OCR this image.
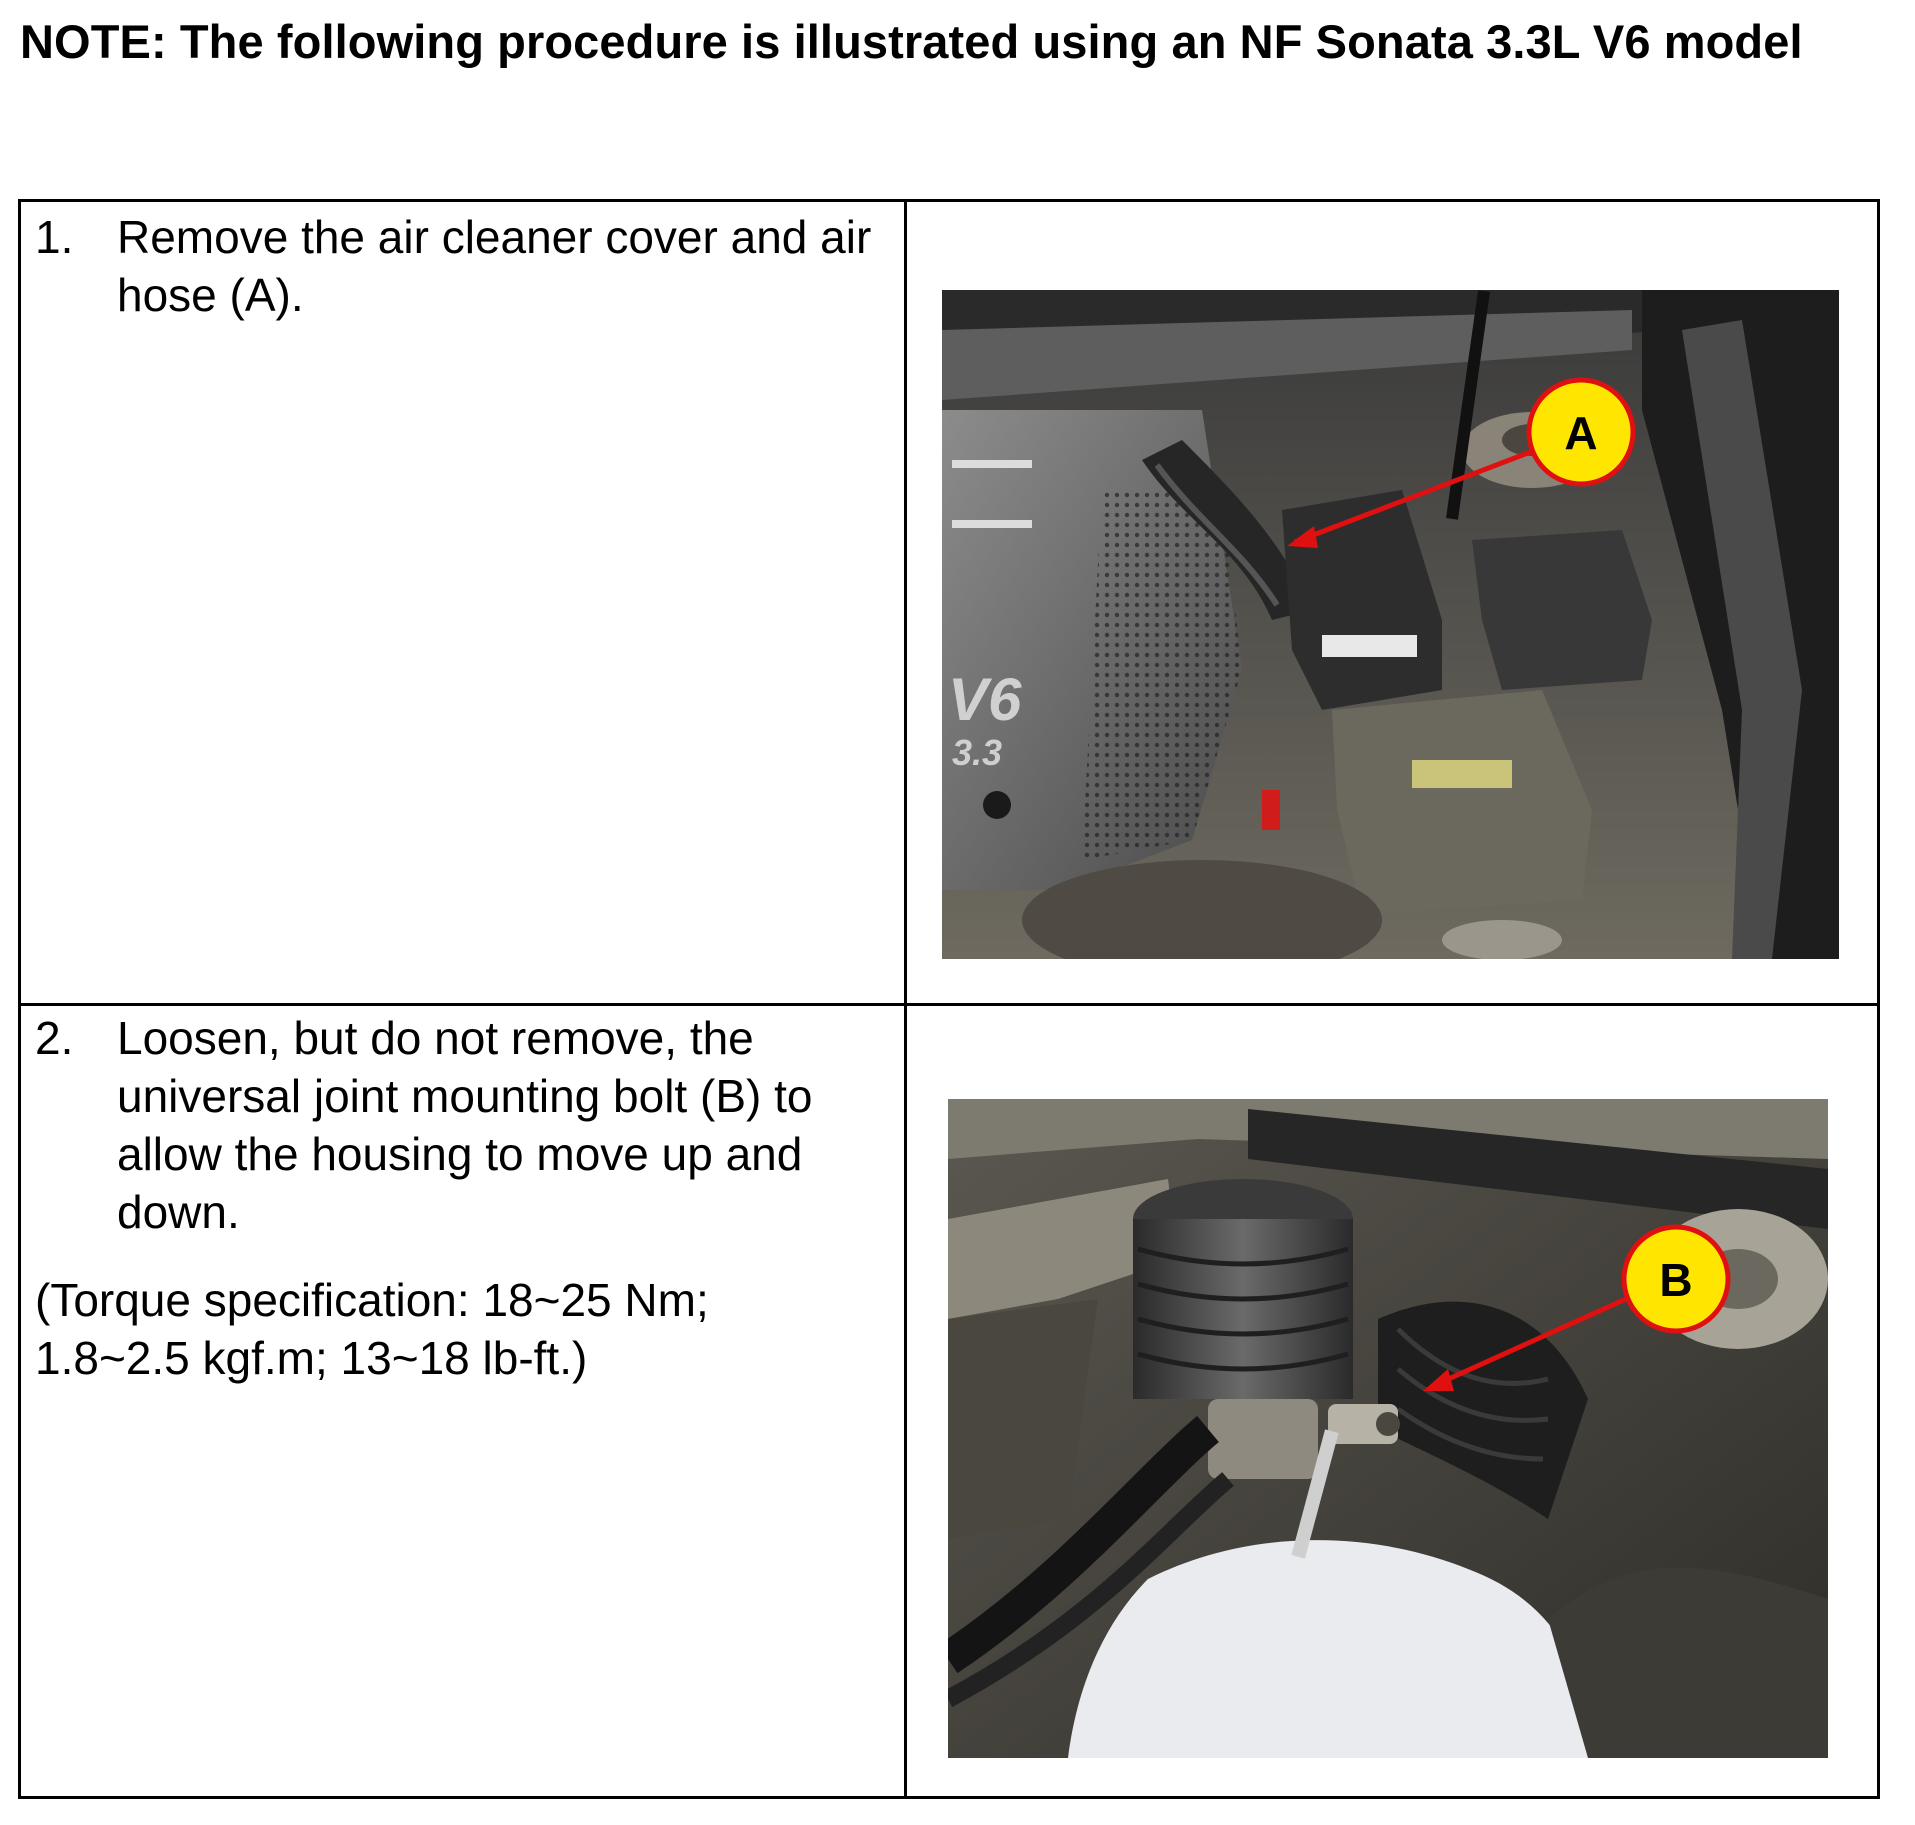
NOTE: The following procedure is illustrated using an NF Sonata 3.3L V6 model
1. Remove the air cleaner cover and air hose (A).
V6
3.3
A
2. Loosen, but do not remove, the universal joint mounting bolt (B) to allow the housing to move up and down.
(Torque specification: 18~25 Nm; 1.8~2.5 kgf.m; 13~18 lb-ft.)
B
